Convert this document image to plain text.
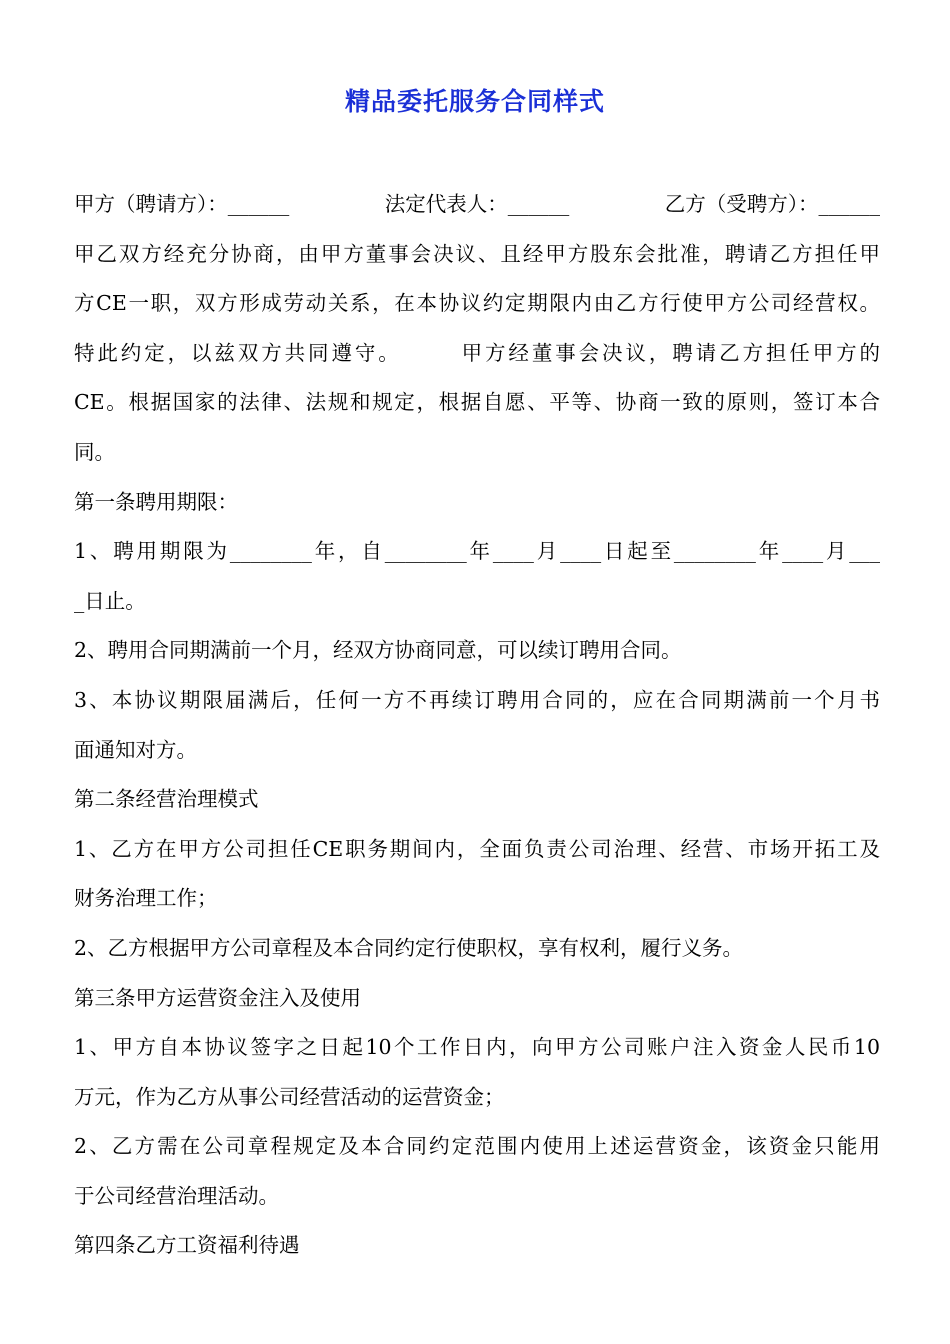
精品委托服务合同样式
甲方（聘请方）：______	法定代表人：______	乙方（受聘方）：______
甲乙双方经充分协商，由甲方董事会决议、且经甲方股东会批准，聘请乙方担任甲
方CE一职，双方形成劳动关系，在本协议约定期限内由乙方行使甲方公司经营权。
特此约定，以兹双方共同遵守。　　　甲方经董事会决议，聘请乙方担任甲方的
CE。根据国家的法律、法规和规定，根据自愿、平等、协商一致的原则，签订本合
同。
第一条聘用期限：
1、聘用期限为________年，自________年____月____日起至________年____月___
_日止。
2、聘用合同期满前一个月，经双方协商同意，可以续订聘用合同。
3、本协议期限届满后，任何一方不再续订聘用合同的，应在合同期满前一个月书
面通知对方。
第二条经营治理模式
1、乙方在甲方公司担任CE职务期间内，全面负责公司治理、经营、市场开拓工及
财务治理工作；
2、乙方根据甲方公司章程及本合同约定行使职权，享有权利，履行义务。
第三条甲方运营资金注入及使用
1、甲方自本协议签字之日起10个工作日内，向甲方公司账户注入资金人民币10
万元，作为乙方从事公司经营活动的运营资金；
2、乙方需在公司章程规定及本合同约定范围内使用上述运营资金，该资金只能用
于公司经营治理活动。
第四条乙方工资福利待遇
